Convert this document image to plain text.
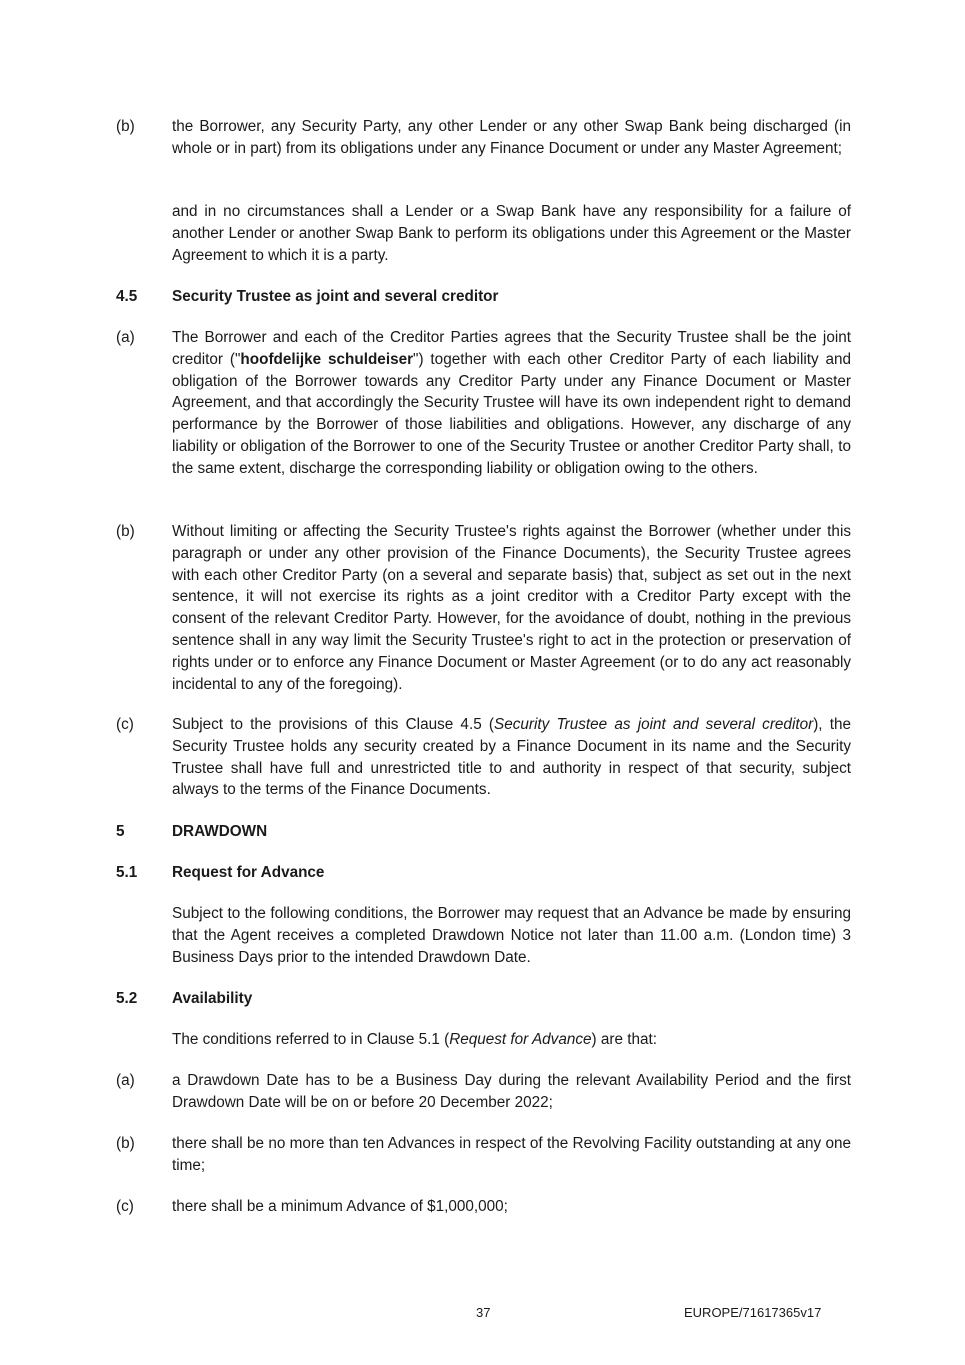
(b) the Borrower, any Security Party, any other Lender or any other Swap Bank being discharged (in whole or in part) from its obligations under any Finance Document or under any Master Agreement;

and in no circumstances shall a Lender or a Swap Bank have any responsibility for a failure of another Lender or another Swap Bank to perform its obligations under this Agreement or the Master Agreement to which it is a party.

4.5 Security Trustee as joint and several creditor

(a) The Borrower and each of the Creditor Parties agrees that the Security Trustee shall be the joint creditor ("hoofdelijke schuldeiser") together with each other Creditor Party of each liability and obligation of the Borrower towards any Creditor Party under any Finance Document or Master Agreement, and that accordingly the Security Trustee will have its own independent right to demand performance by the Borrower of those liabilities and obligations. However, any discharge of any liability or obligation of the Borrower to one of the Security Trustee or another Creditor Party shall, to the same extent, discharge the corresponding liability or obligation owing to the others.

(b) Without limiting or affecting the Security Trustee's rights against the Borrower (whether under this paragraph or under any other provision of the Finance Documents), the Security Trustee agrees with each other Creditor Party (on a several and separate basis) that, subject as set out in the next sentence, it will not exercise its rights as a joint creditor with a Creditor Party except with the consent of the relevant Creditor Party. However, for the avoidance of doubt, nothing in the previous sentence shall in any way limit the Security Trustee's right to act in the protection or preservation of rights under or to enforce any Finance Document or Master Agreement (or to do any act reasonably incidental to any of the foregoing).

(c) Subject to the provisions of this Clause 4.5 (Security Trustee as joint and several creditor), the Security Trustee holds any security created by a Finance Document in its name and the Security Trustee shall have full and unrestricted title to and authority in respect of that security, subject always to the terms of the Finance Documents.

5	DRAWDOWN

5.1 Request for Advance

Subject to the following conditions, the Borrower may request that an Advance be made by ensuring that the Agent receives a completed Drawdown Notice not later than 11.00 a.m. (London time) 3 Business Days prior to the intended Drawdown Date.

5.2 Availability

The conditions referred to in Clause 5.1 (Request for Advance) are that:

(a) a Drawdown Date has to be a Business Day during the relevant Availability Period and the first Drawdown Date will be on or before 20 December 2022;

(b) there shall be no more than ten Advances in respect of the Revolving Facility outstanding at any one time;

(c) there shall be a minimum Advance of $1,000,000;

37	EUROPE/71617365v17
